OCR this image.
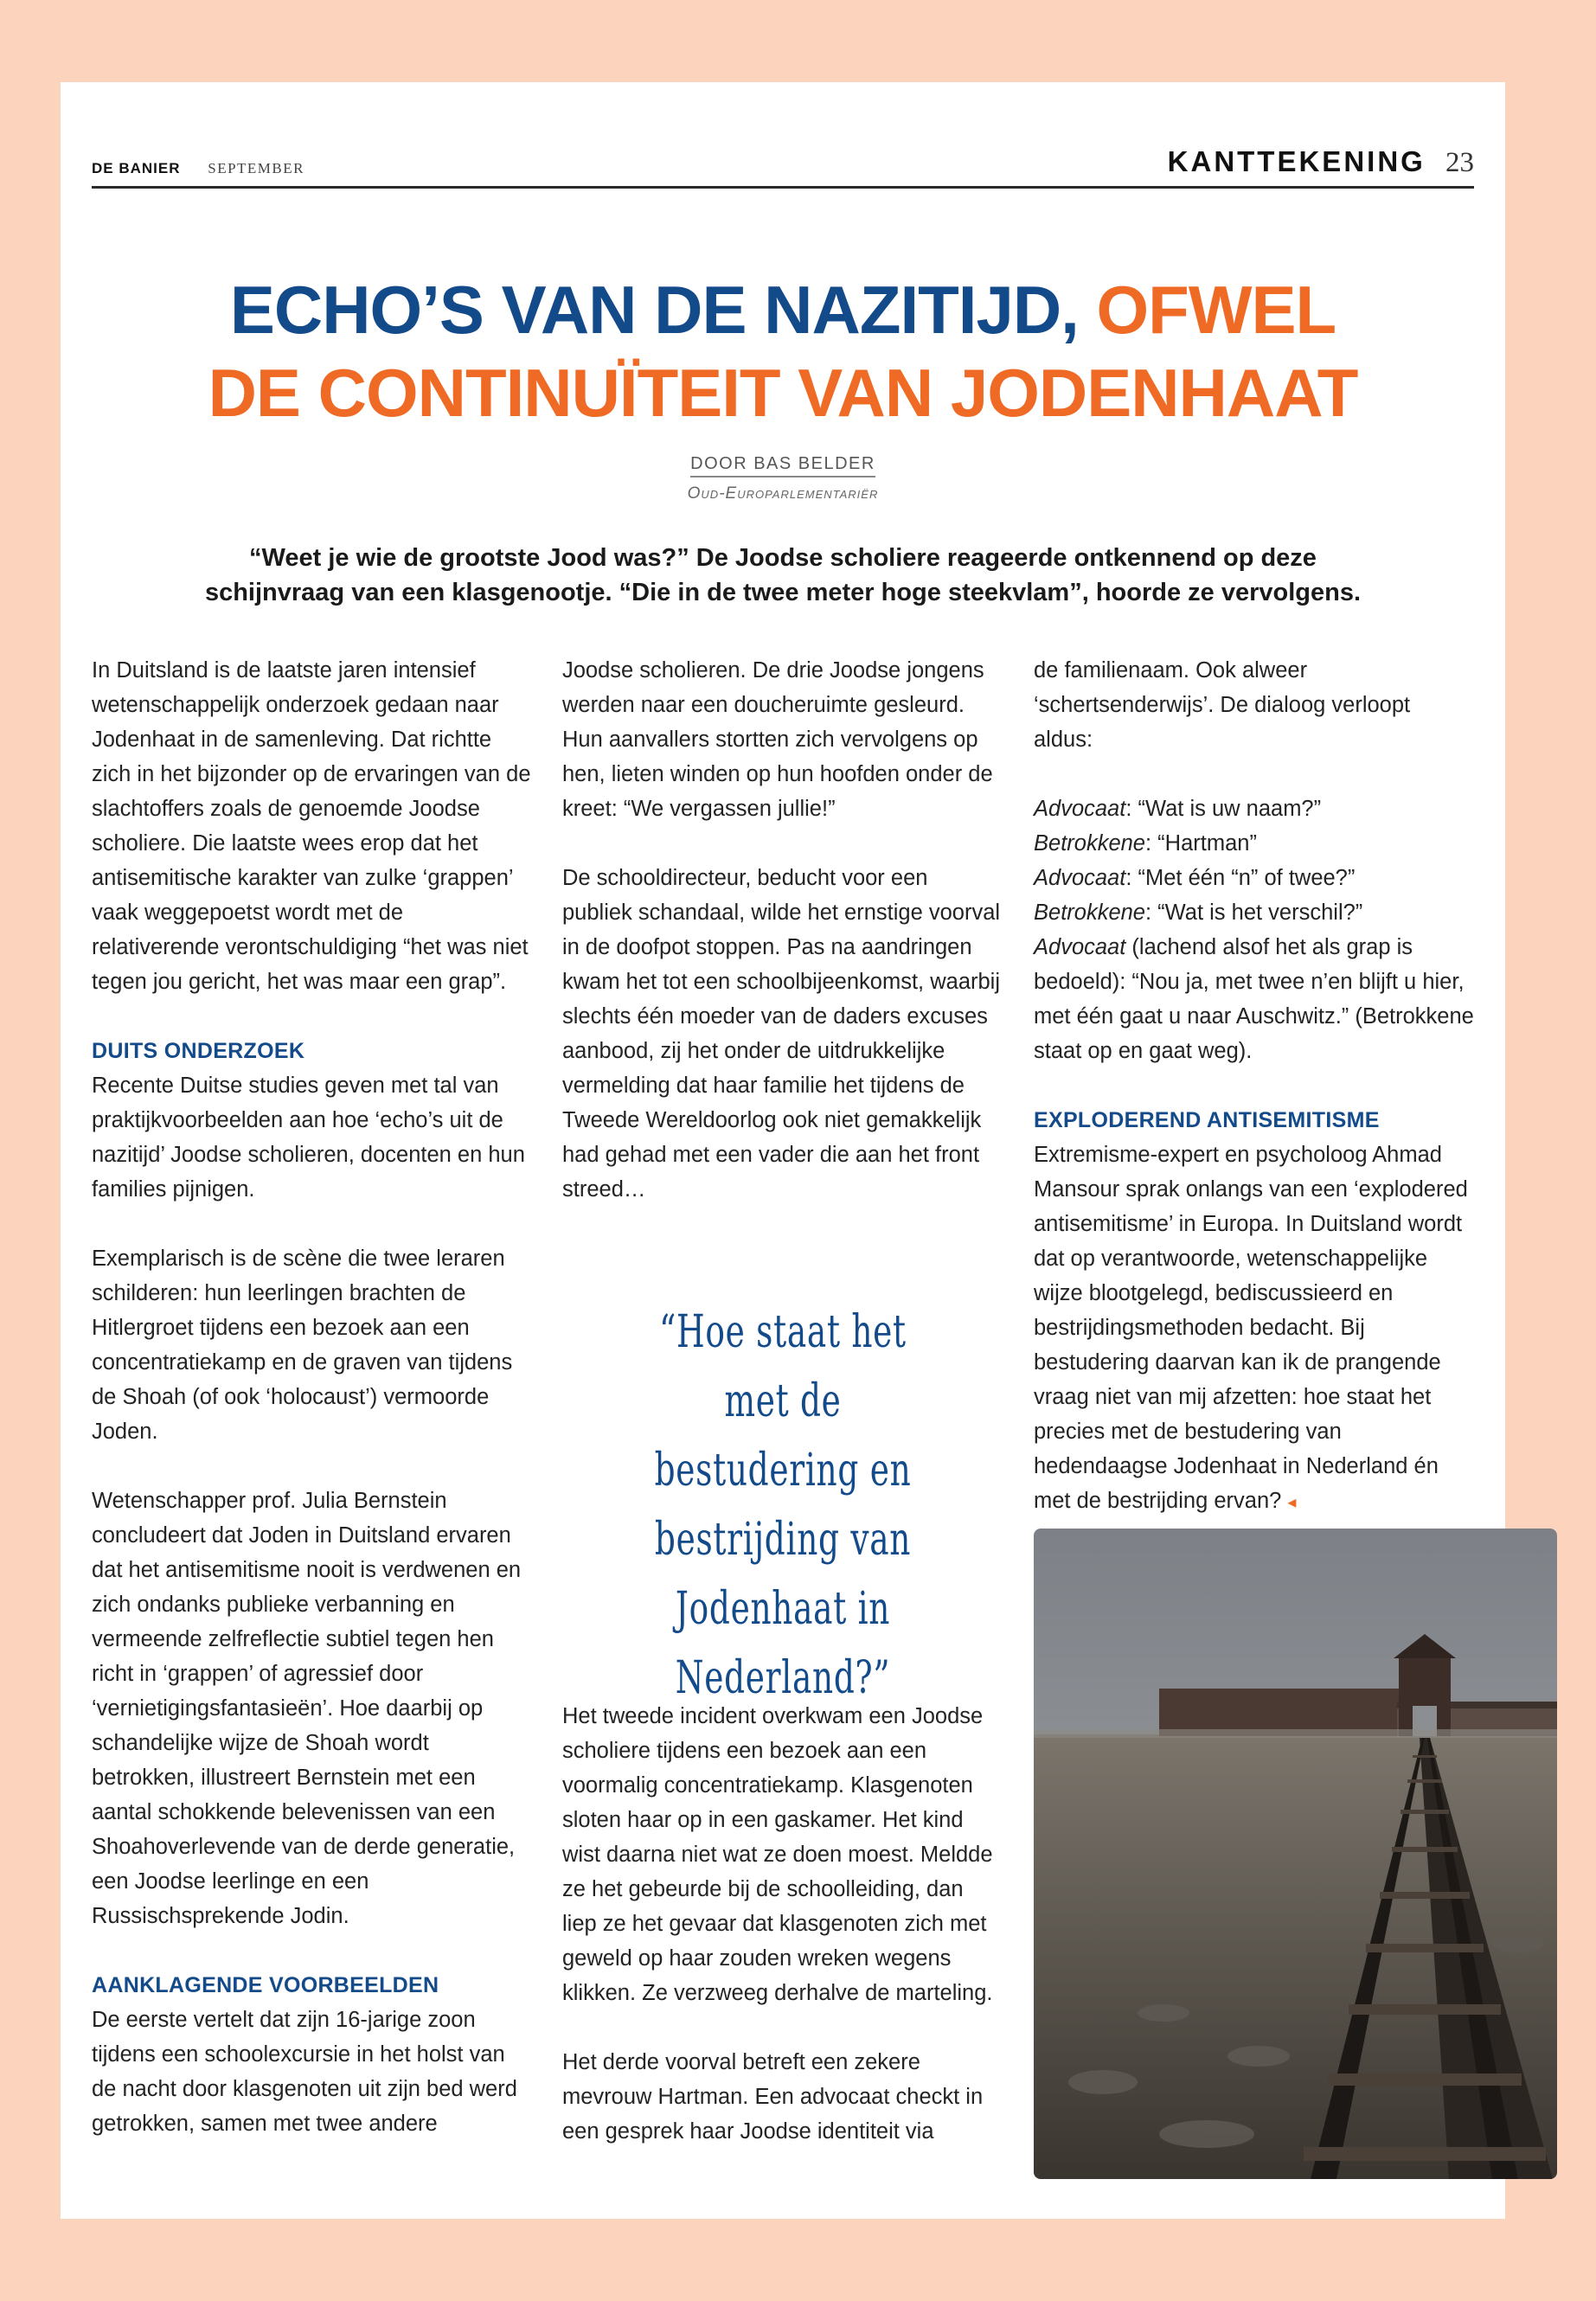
DE BANIER SEPTEMBER	KANTTEKENING 23
ECHO’S VAN DE NAZITIJD, OFWEL
DE CONTINUÏTEIT VAN JODENHAAT
DOOR BAS BELDER
Oud-Europarlementariër
“Weet je wie de grootste Jood was?” De Joodse scholiere reageerde ontkennend op deze
schijnvraag van een klasgenootje. “Die in de twee meter hoge steekvlam”, hoorde ze vervolgens.

In Duitsland is de laatste jaren intensief wetenschappelijk onderzoek gedaan naar Jodenhaat in de samenleving. Dat richtte zich in het bijzonder op de ervaringen van de slachtoffers zoals de genoemde Joodse scholiere. Die laatste wees erop dat het antisemitische karakter van zulke ‘grappen’ vaak weggepoetst wordt met de relativerende verontschuldiging “het was niet tegen jou gericht, het was maar een grap”.

DUITS ONDERZOEK

Recente Duitse studies geven met tal van praktijkvoorbeelden aan hoe ‘echo’s uit de nazitijd’ Joodse scholieren, docenten en hun families pijnigen.

Exemplarisch is de scène die twee leraren schilderen: hun leerlingen brachten de Hitlergroet tijdens een bezoek aan een concentratiekamp en de graven van tijdens de Shoah (of ook ‘holocaust’) vermoorde Joden.

Wetenschapper prof. Julia Bernstein concludeert dat Joden in Duitsland ervaren dat het antisemitisme nooit is verdwenen en zich ondanks publieke verbanning en vermeende zelfreflectie subtiel tegen hen richt in ‘grappen’ of agressief door ‘vernietigingsfantasieën’. Hoe daarbij op schandelijke wijze de Shoah wordt betrokken, illustreert Bernstein met een aantal schokkende belevenissen van een Shoahoverlevende van de derde generatie, een Joodse leerlinge en een Russischsprekende Jodin.

AANKLAGENDE VOORBEELDEN

De eerste vertelt dat zijn 16-jarige zoon tijdens een schoolexcursie in het holst van de nacht door klasgenoten uit zijn bed werd getrokken, samen met twee andere

Joodse scholieren. De drie Joodse jongens werden naar een doucheruimte gesleurd. Hun aanvallers stortten zich vervolgens op hen, lieten winden op hun hoofden onder de kreet: “We vergassen jullie!”

De schooldirecteur, beducht voor een publiek schandaal, wilde het ernstige voorval in de doofpot stoppen. Pas na aandringen kwam het tot een schoolbijeenkomst, waarbij slechts één moeder van de daders excuses aanbood, zij het onder de uitdrukkelijke vermelding dat haar familie het tijdens de Tweede Wereldoorlog ook niet gemakkelijk had gehad met een vader die aan het front streed…

“Hoe staat het met de bestudering en bestrijding van Jodenhaat in Nederland?”

Het tweede incident overkwam een Joodse scholiere tijdens een bezoek aan een voormalig concentratiekamp. Klasgenoten sloten haar op in een gaskamer. Het kind wist daarna niet wat ze doen moest. Meldde ze het gebeurde bij de schoolleiding, dan liep ze het gevaar dat klasgenoten zich met geweld op haar zouden wreken wegens klikken. Ze verzweeg derhalve de marteling.

Het derde voorval betreft een zekere mevrouw Hartman. Een advocaat checkt in een gesprek haar Joodse identiteit via

de familienaam. Ook alweer ‘schertsenderwijs’. De dialoog verloopt aldus:

Advocaat: “Wat is uw naam?”
Betrokkene: “Hartman”
Advocaat: “Met één “n” of twee?”
Betrokkene: “Wat is het verschil?”

Advocaat (lachend alsof het als grap is bedoeld): “Nou ja, met twee n’en blijft u hier, met één gaat u naar Auschwitz.” (Betrokkene staat op en gaat weg).

EXPLODEREND ANTISEMITISME

Extremisme-expert en psycholoog Ahmad Mansour sprak onlangs van een ‘explodered antisemitisme’ in Europa. In Duitsland wordt dat op verantwoorde, wetenschappelijke wijze blootgelegd, bediscussieerd en bestrijdingsmethoden bedacht. Bij bestudering daarvan kan ik de prangende vraag niet van mij afzetten: hoe staat het precies met de bestudering van hedendaagse Jodenhaat in Nederland én met de bestrijding ervan? ◂
